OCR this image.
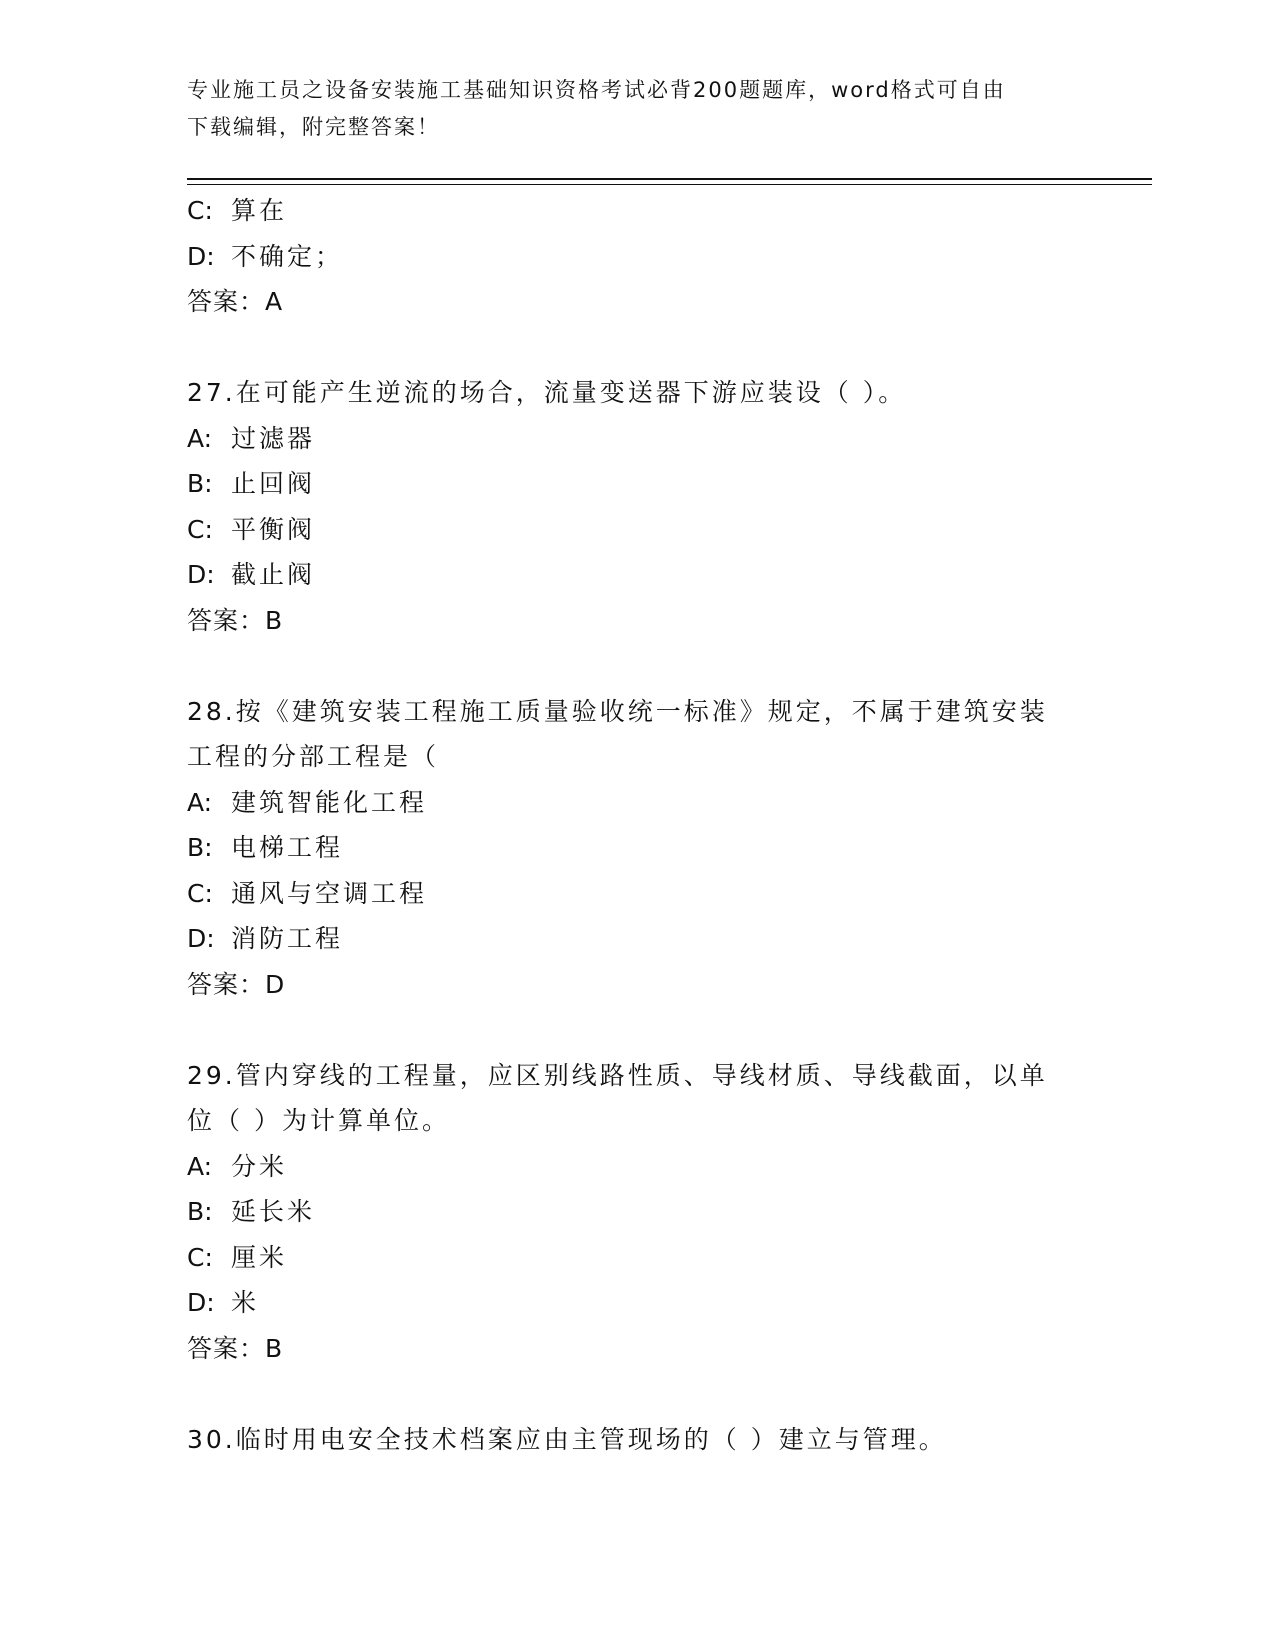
专业施工员之设备安装施工基础知识资格考试必背200题题库，word格式可自由
下载编辑，附完整答案！
C: 算在
D: 不确定；
答案：A
27.在可能产生逆流的场合，流量变送器下游应装设（ ）。
A: 过滤器
B: 止回阀
C: 平衡阀
D: 截止阀
答案：B
28.按《建筑安装工程施工质量验收统一标准》规定，不属于建筑安装
工程的分部工程是（
A: 建筑智能化工程
B: 电梯工程
C: 通风与空调工程
D: 消防工程
答案：D
29.管内穿线的工程量，应区别线路性质、导线材质、导线截面，以单
位（ ）为计算单位。
A: 分米
B: 延长米
C: 厘米
D: 米
答案：B
30.临时用电安全技术档案应由主管现场的（ ）建立与管理。
